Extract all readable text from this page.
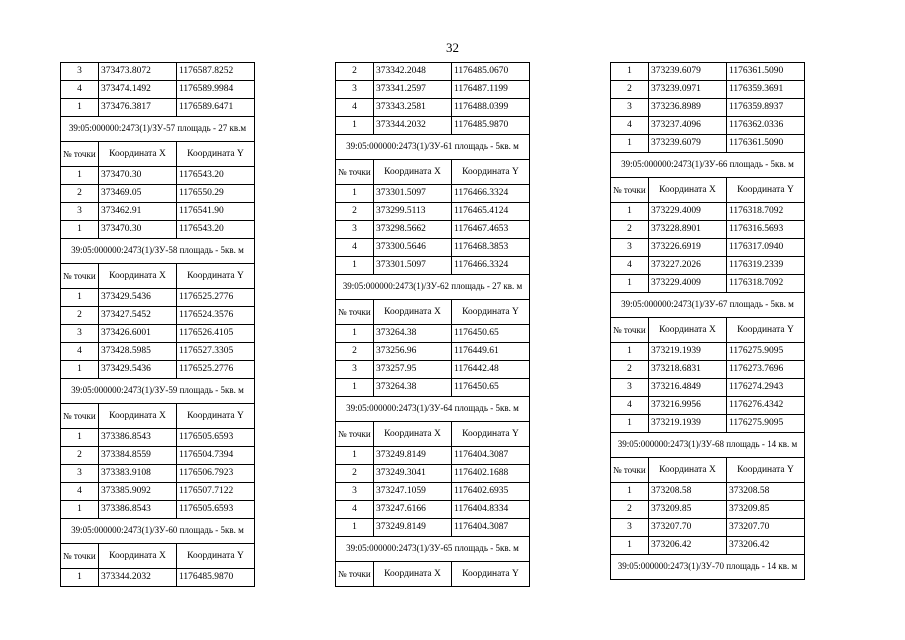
32
3	373473.8072	1176587.8252
4	373474.1492	1176589.9984
1	373476.3817	1176589.6471
39:05:000000:2473(1)/ЗУ-57 площадь - 27 кв.м		
№ точки	Координата X	Координата Y
1	373470.30	1176543.20
2	373469.05	1176550.29
3	373462.91	1176541.90
1	373470.30	1176543.20
39:05:000000:2473(1)/ЗУ-58 площадь - 5кв. м		
№ точки	Координата X	Координата Y
1	373429.5436	1176525.2776
2	373427.5452	1176524.3576
3	373426.6001	1176526.4105
4	373428.5985	1176527.3305
1	373429.5436	1176525.2776
39:05:000000:2473(1)/ЗУ-59 площадь - 5кв. м		
№ точки	Координата X	Координата Y
1	373386.8543	1176505.6593
2	373384.8559	1176504.7394
3	373383.9108	1176506.7923
4	373385.9092	1176507.7122
1	373386.8543	1176505.6593
39:05:000000:2473(1)/ЗУ-60 площадь - 5кв. м		
№ точки	Координата X	Координата Y
1	373344.2032	1176485.9870
2	373342.2048	1176485.0670
3	373341.2597	1176487.1199
4	373343.2581	1176488.0399
1	373344.2032	1176485.9870
39:05:000000:2473(1)/ЗУ-61 площадь - 5кв. м		
№ точки	Координата X	Координата Y
1	373301.5097	1176466.3324
2	373299.5113	1176465.4124
3	373298.5662	1176467.4653
4	373300.5646	1176468.3853
1	373301.5097	1176466.3324
39:05:000000:2473(1)/ЗУ-62 площадь - 27 кв. м		
№ точки	Координата X	Координата Y
1	373264.38	1176450.65
2	373256.96	1176449.61
3	373257.95	1176442.48
1	373264.38	1176450.65
39:05:000000:2473(1)/ЗУ-64 площадь - 5кв. м		
№ точки	Координата X	Координата Y
1	373249.8149	1176404.3087
2	373249.3041	1176402.1688
3	373247.1059	1176402.6935
4	373247.6166	1176404.8334
1	373249.8149	1176404.3087
39:05:000000:2473(1)/ЗУ-65 площадь - 5кв. м		
№ точки	Координата X	Координата Y
1	373239.6079	1176361.5090
2	373239.0971	1176359.3691
3	373236.8989	1176359.8937
4	373237.4096	1176362.0336
1	373239.6079	1176361.5090
39:05:000000:2473(1)/ЗУ-66 площадь - 5кв. м		
№ точки	Координата X	Координата Y
1	373229.4009	1176318.7092
2	373228.8901	1176316.5693
3	373226.6919	1176317.0940
4	373227.2026	1176319.2339
1	373229.4009	1176318.7092
39:05:000000:2473(1)/ЗУ-67 площадь - 5кв. м		
№ точки	Координата X	Координата Y
1	373219.1939	1176275.9095
2	373218.6831	1176273.7696
3	373216.4849	1176274.2943
4	373216.9956	1176276.4342
1	373219.1939	1176275.9095
39:05:000000:2473(1)/ЗУ-68 площадь - 14 кв. м		
№ точки	Координата X	Координата Y
1	373208.58	373208.58
2	373209.85	373209.85
3	373207.70	373207.70
1	373206.42	373206.42
39:05:000000:2473(1)/ЗУ-70 площадь - 14 кв. м		
